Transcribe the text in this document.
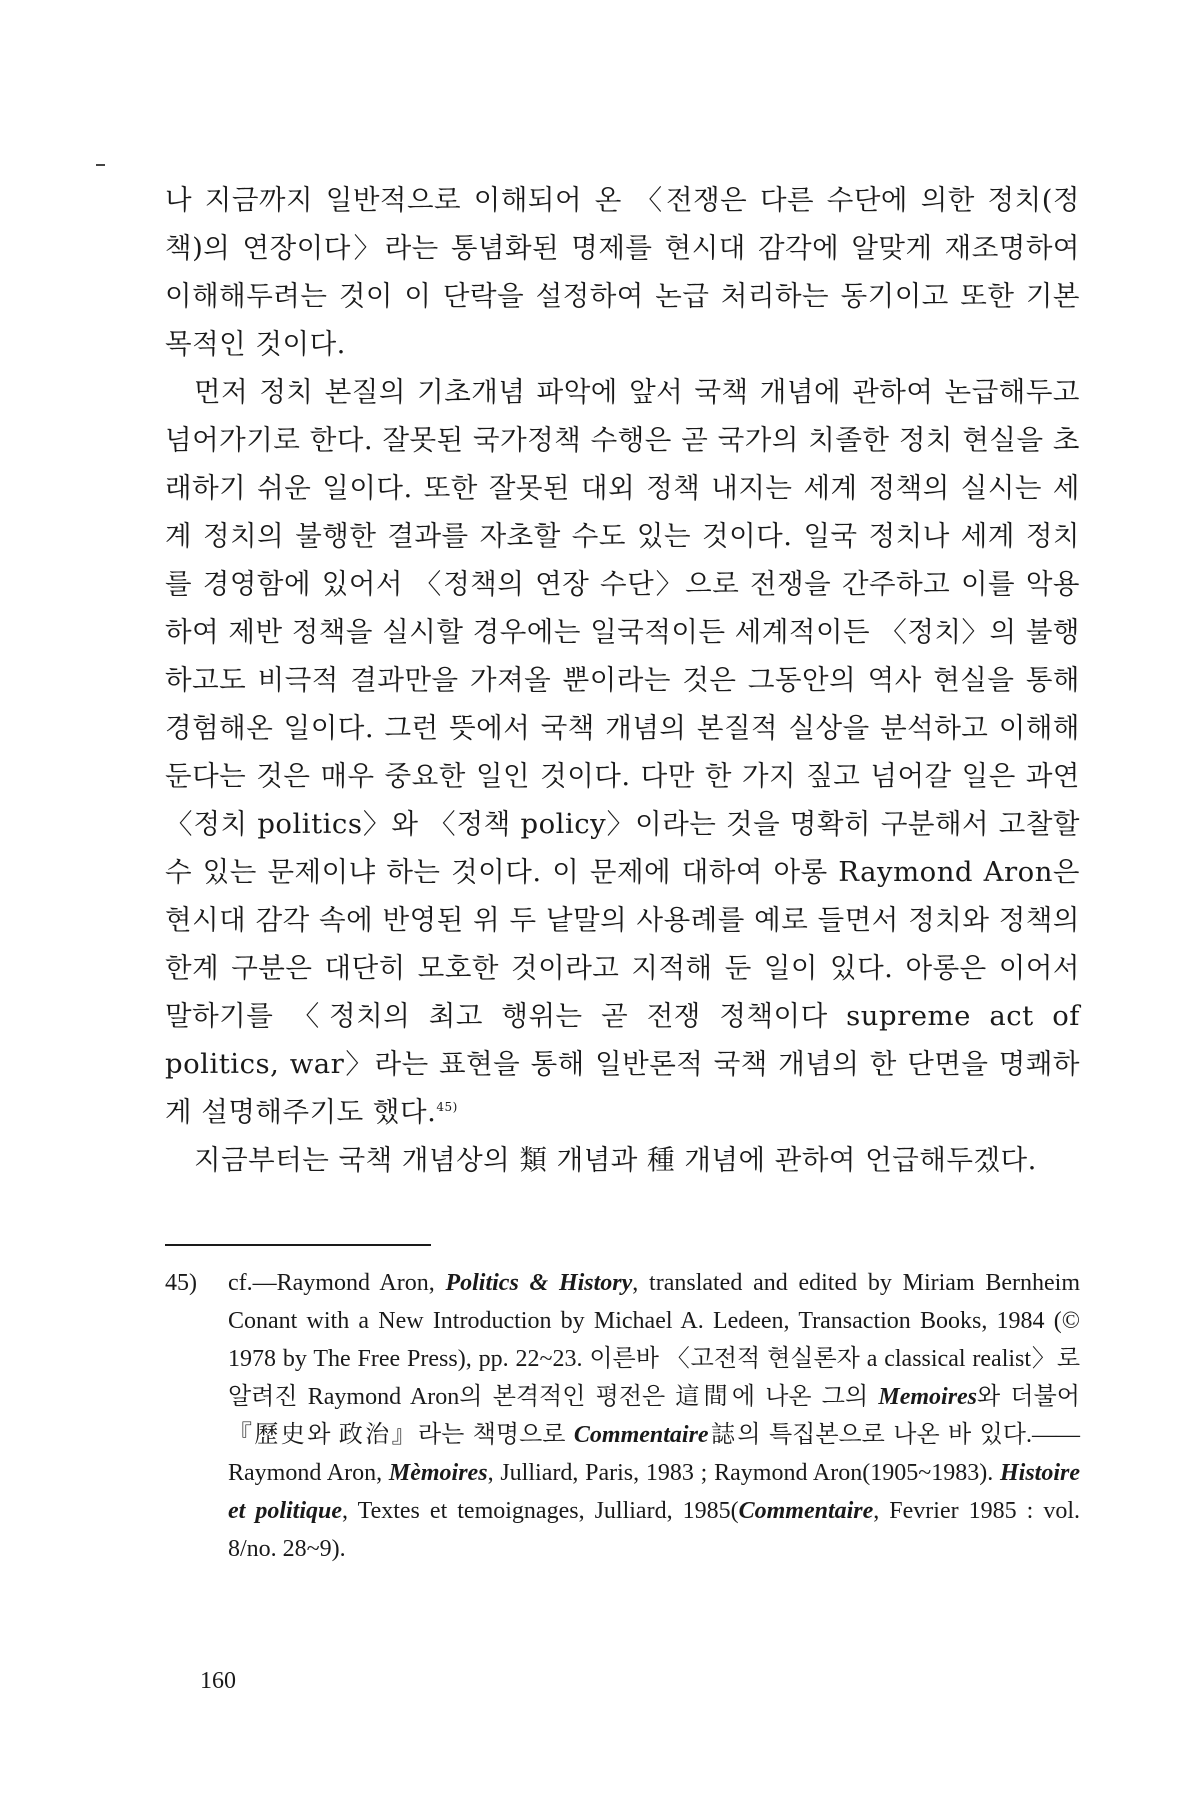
나 지금까지 일반적으로 이해되어 온 〈전쟁은 다른 수단에 의한 정치(정책)의 연장이다〉라는 통념화된 명제를 현시대 감각에 알맞게 재조명하여 이해해두려는 것이 이 단락을 설정하여 논급 처리하는 동기이고 또한 기본 목적인 것이다.

먼저 정치 본질의 기초개념 파악에 앞서 국책 개념에 관하여 논급해두고 넘어가기로 한다. 잘못된 국가정책 수행은 곧 국가의 치졸한 정치 현실을 초래하기 쉬운 일이다. 또한 잘못된 대외 정책 내지는 세계 정책의 실시는 세계 정치의 불행한 결과를 자초할 수도 있는 것이다. 일국 정치나 세계 정치를 경영함에 있어서 〈정책의 연장 수단〉으로 전쟁을 간주하고 이를 악용하여 제반 정책을 실시할 경우에는 일국적이든 세계적이든 〈정치〉의 불행하고도 비극적 결과만을 가져올 뿐이라는 것은 그동안의 역사 현실을 통해 경험해온 일이다. 그런 뜻에서 국책 개념의 본질적 실상을 분석하고 이해해둔다는 것은 매우 중요한 일인 것이다. 다만 한 가지 짚고 넘어갈 일은 과연 〈정치 politics〉와 〈정책 policy〉이라는 것을 명확히 구분해서 고찰할 수 있는 문제이냐 하는 것이다. 이 문제에 대하여 아롱 Raymond Aron은 현시대 감각 속에 반영된 위 두 낱말의 사용례를 예로 들면서 정치와 정책의 한계 구분은 대단히 모호한 것이라고 지적해 둔 일이 있다. 아롱은 이어서 말하기를 〈정치의 최고 행위는 곧 전쟁 정책이다 supreme act of politics, war〉라는 표현을 통해 일반론적 국책 개념의 한 단면을 명쾌하게 설명해주기도 했다.$^{45)}$

지금부터는 국책 개념상의 類 개념과 種 개념에 관하여 언급해두겠다.

45)	cf.—Raymond Aron, Politics & History, translated and edited by Miriam Bernheim Conant with a New Introduction by Michael A. Ledeen, Transaction Books, 1984 (© 1978 by The Free Press), pp. 22~23. 이른바 〈고전적 현실론자 a classical realist〉로 알려진 Raymond Aron의 본격적인 평전은 這間에 나온 그의 Memoires와 더불어 『歷史와 政治』라는 책명으로 Commentaire誌의 특집본으로 나온 바 있다.——Raymond Aron, Mèmoires, Julliard, Paris, 1983 ; Raymond Aron(1905~1983). Histoire et politique, Textes et temoignages, Julliard, 1985(Commentaire, Fevrier 1985 : vol. 8/no. 28~9).
160
